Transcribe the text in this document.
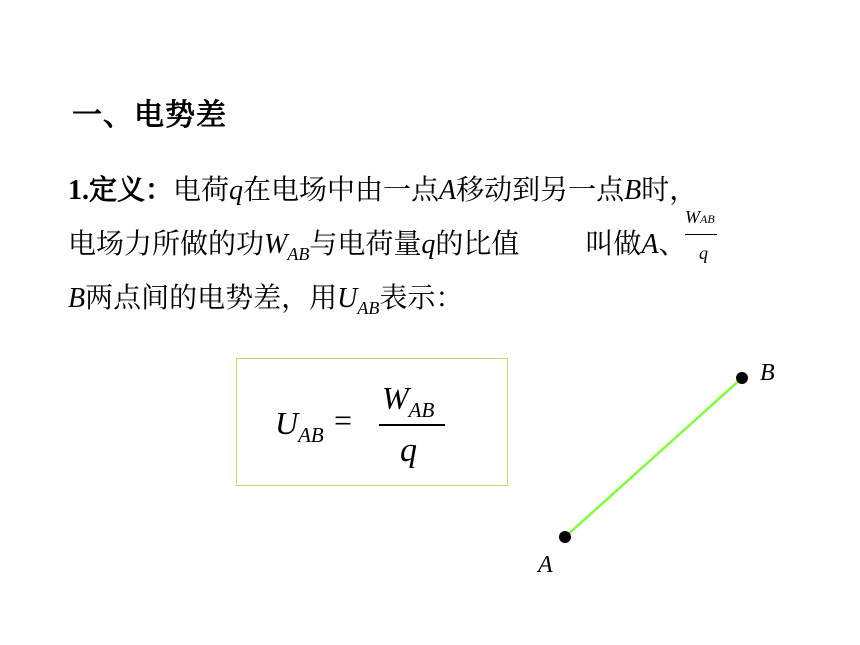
一、电势差
1.定义：电荷q在电场中由一点A移动到另一点B时，
电场力所做的功$W_{AB}$与电荷量q的比值 叫做A、
WAB
q
B两点间的电势差，用$U_{AB}$表示：
$U_{AB}$ =
$W_{AB}$
q
A
B
